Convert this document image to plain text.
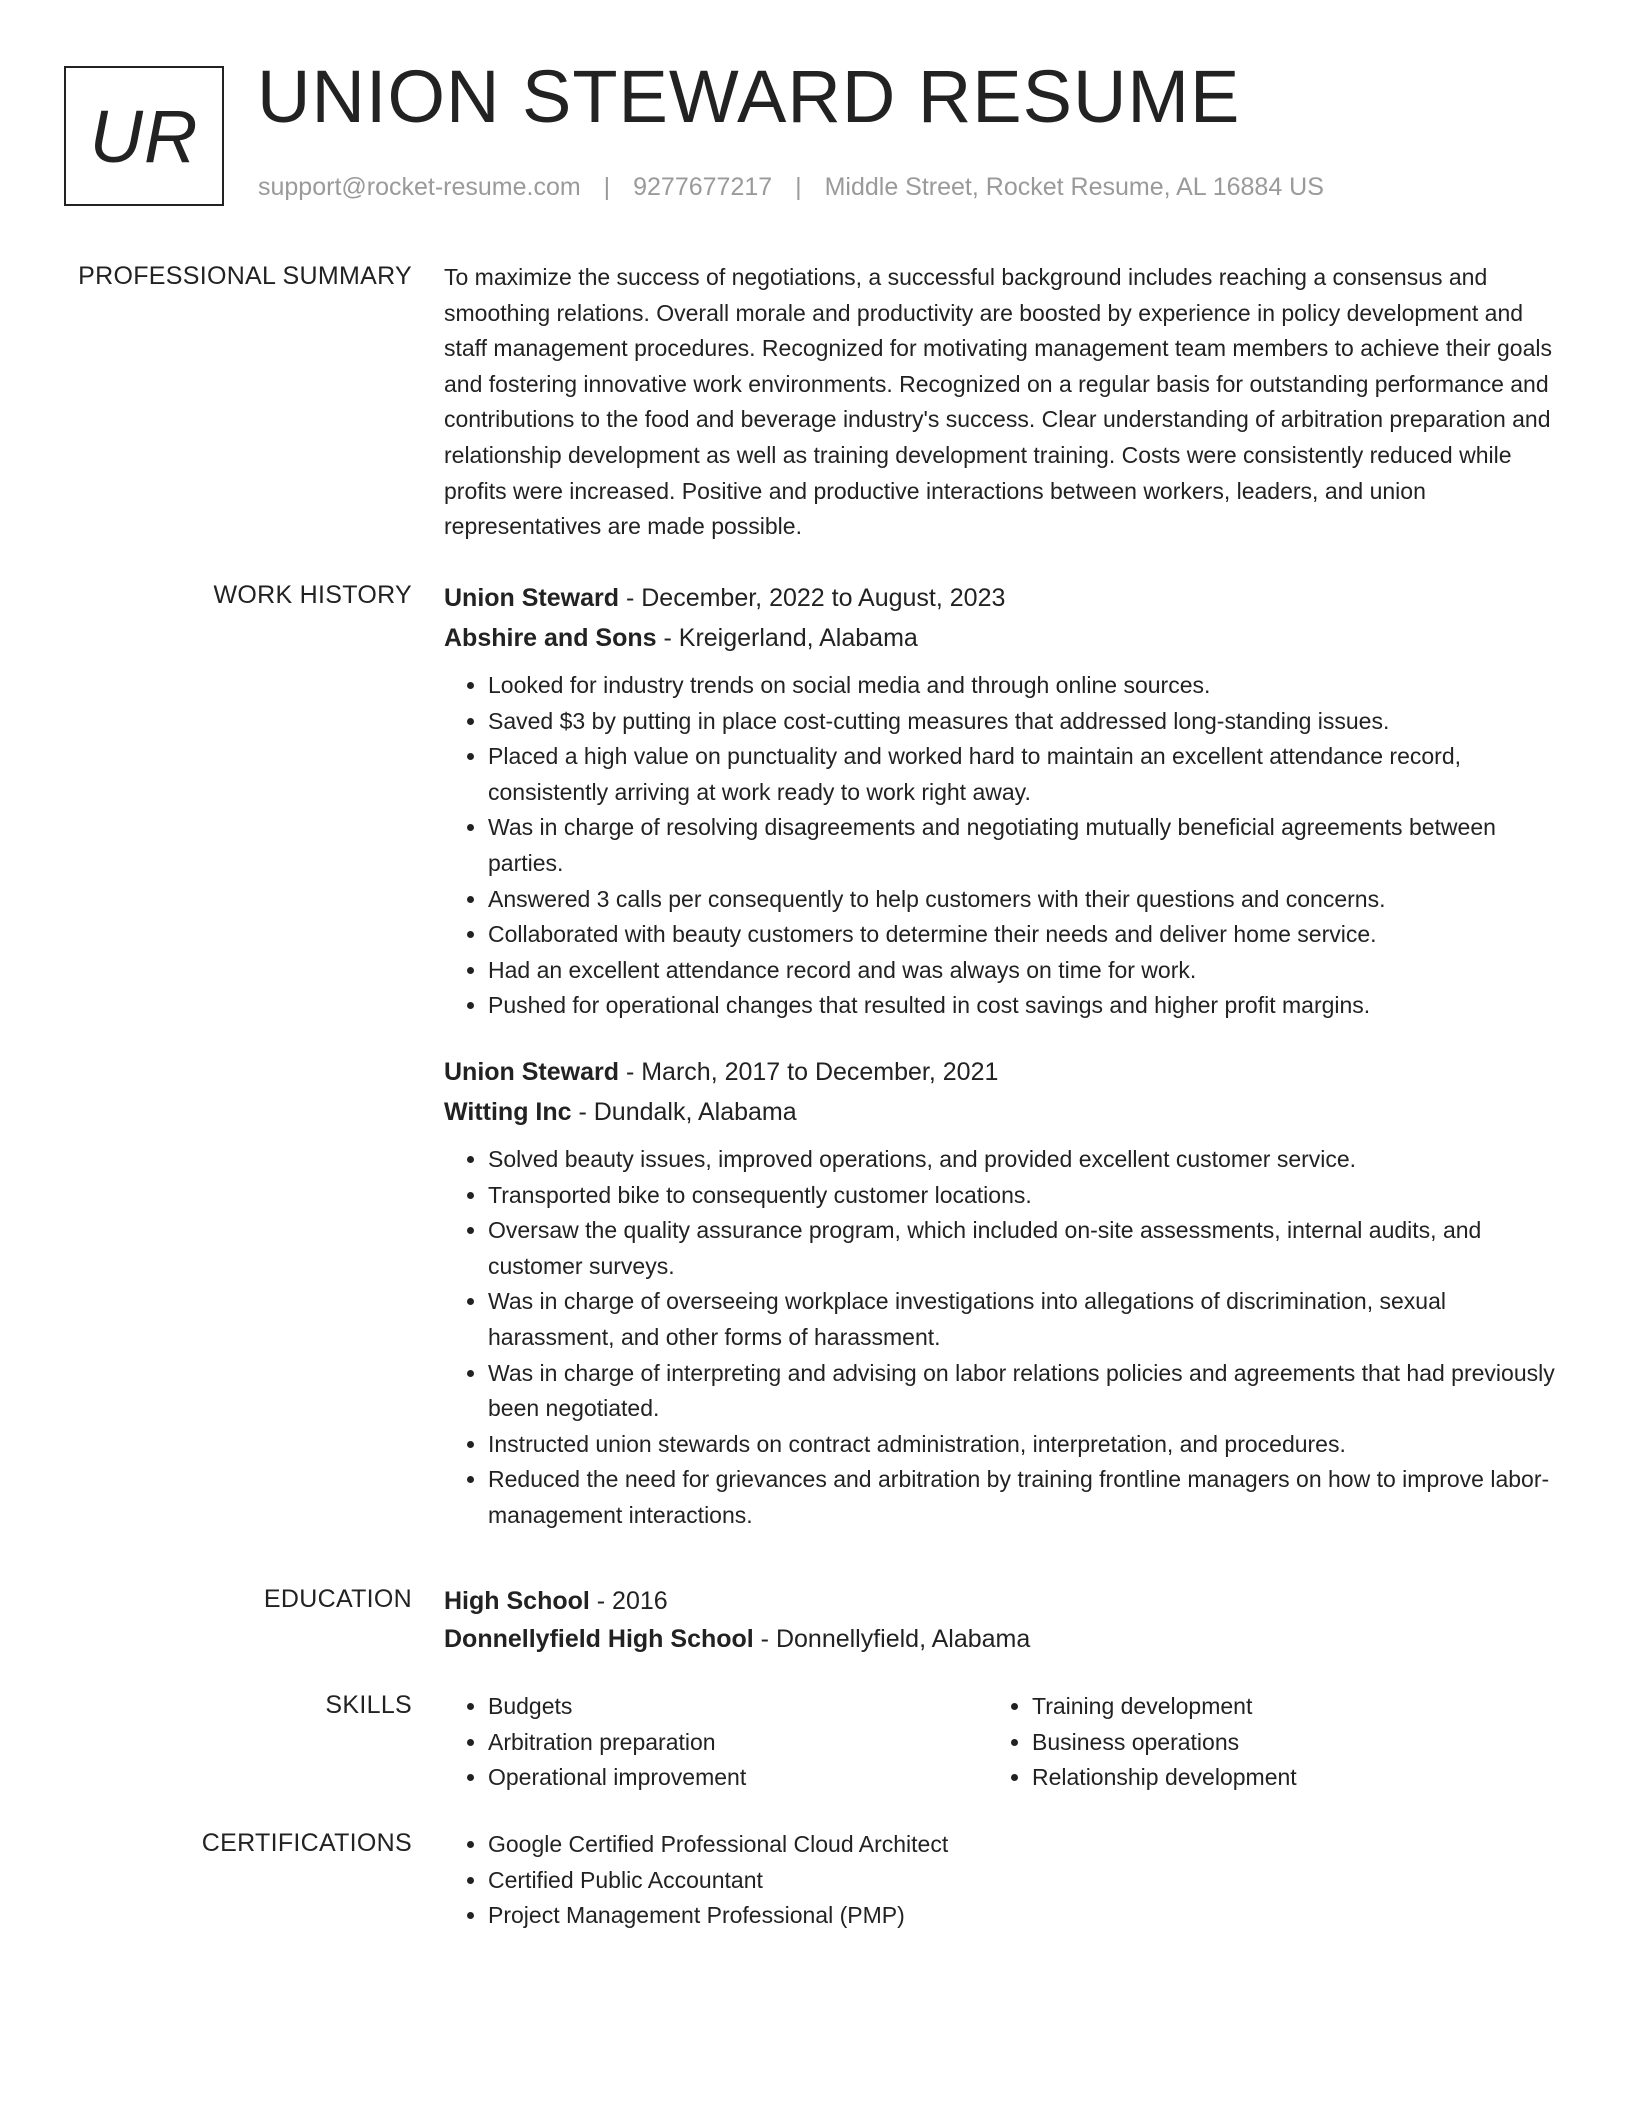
UR UNION STEWARD RESUME
support@rocket-resume.com | 9277677217 | Middle Street, Rocket Resume, AL 16884 US
PROFESSIONAL SUMMARY To maximize the success of negotiations, a successful background includes reaching a consensus and smoothing relations. Overall morale and productivity are boosted by experience in policy development and staff management procedures. Recognized for motivating management team members to achieve their goals and fostering innovative work environments. Recognized on a regular basis for outstanding performance and contributions to the food and beverage industry's success. Clear understanding of arbitration preparation and relationship development as well as training development training. Costs were consistently reduced while profits were increased. Positive and productive interactions between workers, leaders, and union representatives are made possible.

WORK HISTORY Union Steward - December, 2022 to August, 2023
Abshire and Sons - Kreigerland, Alabama
• Looked for industry trends on social media and through online sources.
• Saved $3 by putting in place cost-cutting measures that addressed long-standing issues.
• Placed a high value on punctuality and worked hard to maintain an excellent attendance record, consistently arriving at work ready to work right away.
• Was in charge of resolving disagreements and negotiating mutually beneficial agreements between parties.
• Answered 3 calls per consequently to help customers with their questions and concerns.
• Collaborated with beauty customers to determine their needs and deliver home service.
• Had an excellent attendance record and was always on time for work.
• Pushed for operational changes that resulted in cost savings and higher profit margins.
Union Steward - March, 2017 to December, 2021
Witting Inc - Dundalk, Alabama
• Solved beauty issues, improved operations, and provided excellent customer service.
• Transported bike to consequently customer locations.
• Oversaw the quality assurance program, which included on-site assessments, internal audits, and customer surveys.
• Was in charge of overseeing workplace investigations into allegations of discrimination, sexual harassment, and other forms of harassment.
• Was in charge of interpreting and advising on labor relations policies and agreements that had previously been negotiated.
• Instructed union stewards on contract administration, interpretation, and procedures.
• Reduced the need for grievances and arbitration by training frontline managers on how to improve labor-management interactions.
EDUCATION High School - 2016
Donnellyfield High School - Donnellyfield, Alabama
SKILLS	• Budgets
• Arbitration preparation
• Operational improvement
• Training development
• Business operations
• Relationship development
CERTIFICATIONS	• Google Certified Professional Cloud Architect
• Certified Public Accountant
• Project Management Professional (PMP)
